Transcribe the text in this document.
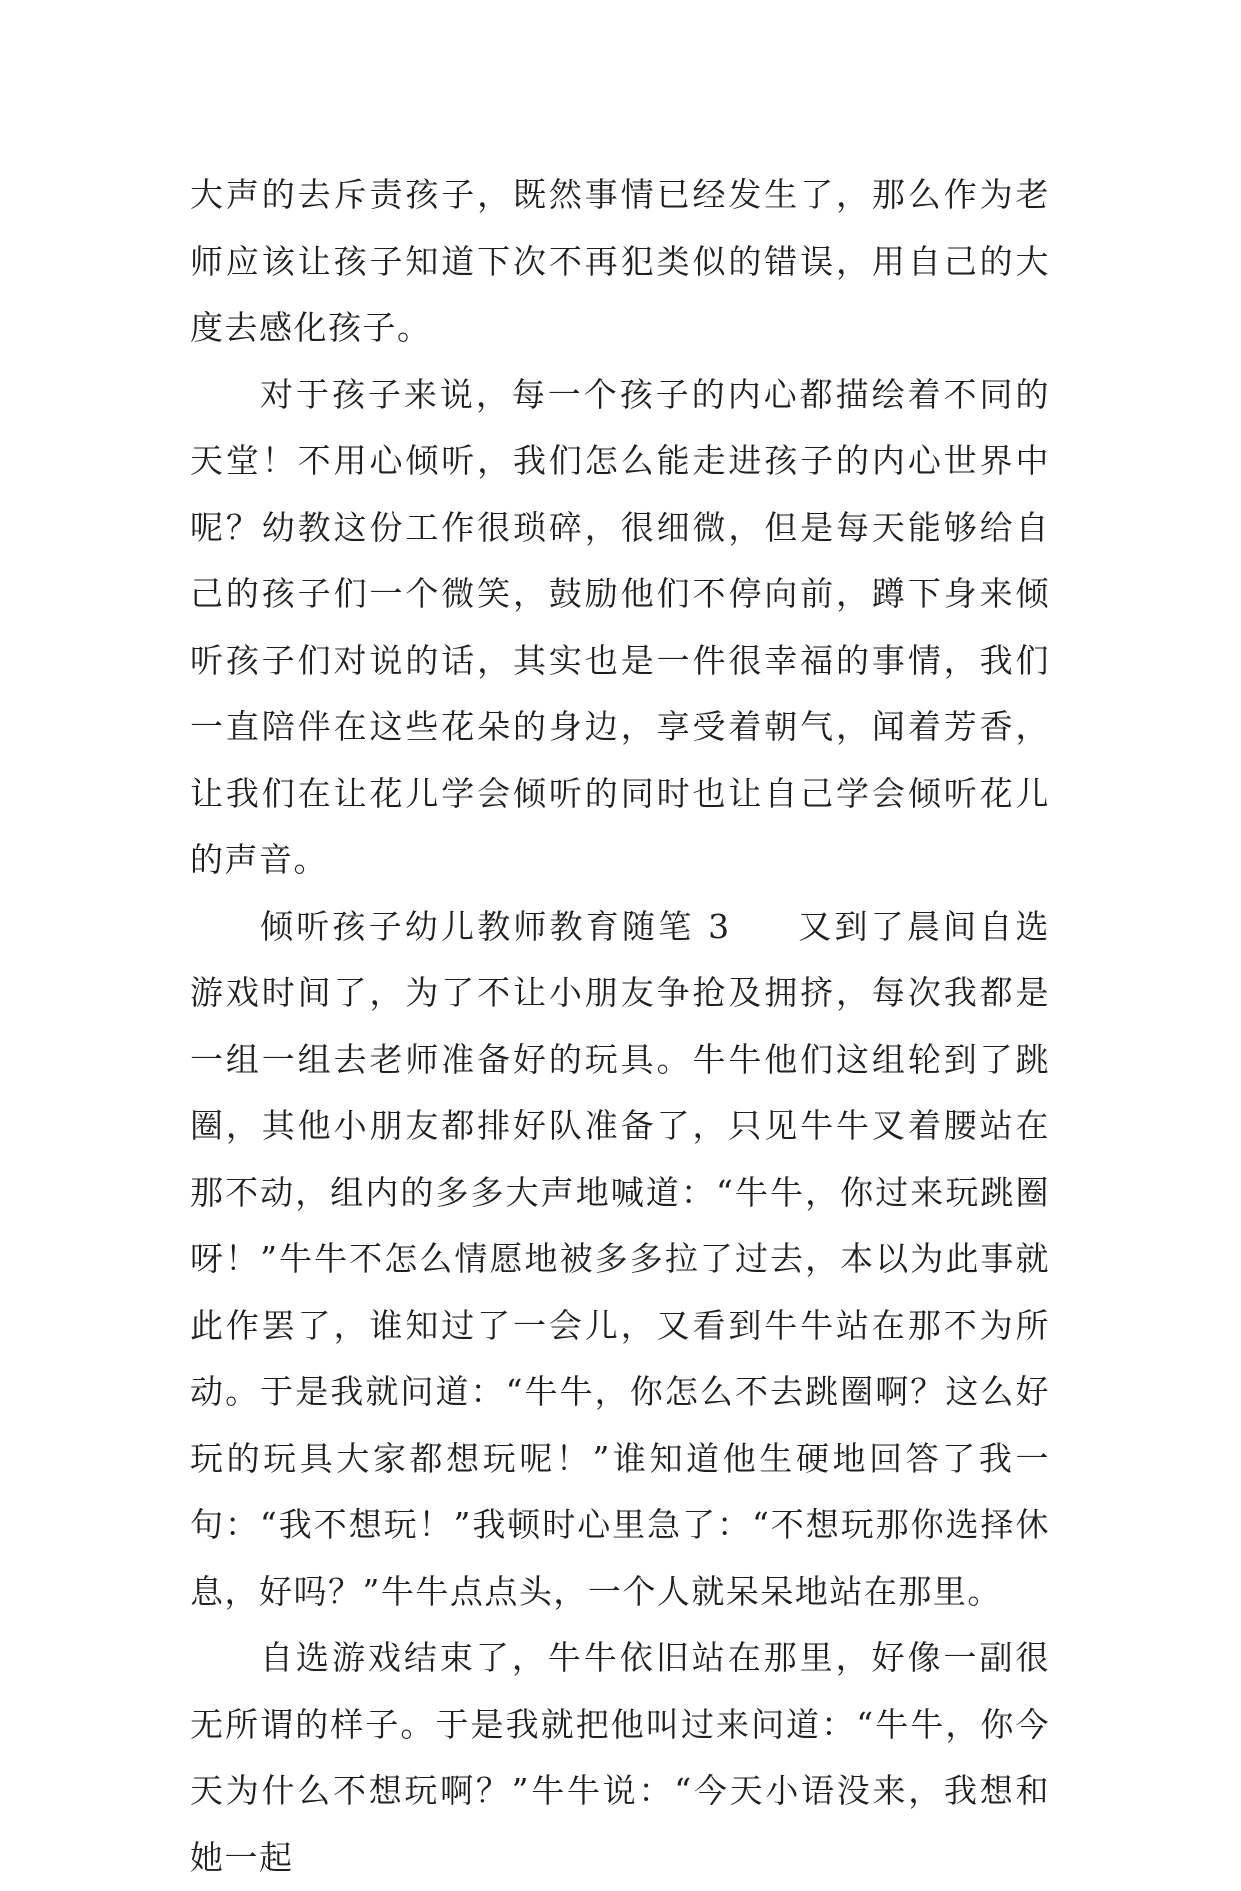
大声的去斥责孩子，既然事情已经发生了，那么作为老师应该让孩子知道下次不再犯类似的错误，用自己的大度去感化孩子。

对于孩子来说，每一个孩子的内心都描绘着不同的天堂！不用心倾听，我们怎么能走进孩子的内心世界中呢？幼教这份工作很琐碎，很细微，但是每天能够给自己的孩子们一个微笑，鼓励他们不停向前，蹲下身来倾听孩子们对说的话，其实也是一件很幸福的事情，我们一直陪伴在这些花朵的身边，享受着朝气，闻着芳香，让我们在让花儿学会倾听的同时也让自己学会倾听花儿的声音。

倾听孩子幼儿教师教育随笔 3 又到了晨间自选游戏时间了，为了不让小朋友争抢及拥挤，每次我都是一组一组去老师准备好的玩具。牛牛他们这组轮到了跳圈，其他小朋友都排好队准备了，只见牛牛叉着腰站在那不动，组内的多多大声地喊道：“牛牛，你过来玩跳圈呀！”牛牛不怎么情愿地被多多拉了过去，本以为此事就此作罢了，谁知过了一会儿，又看到牛牛站在那不为所动。于是我就问道：“牛牛，你怎么不去跳圈啊？这么好玩的玩具大家都想玩呢！”谁知道他生硬地回答了我一句：“我不想玩！”我顿时心里急了：“不想玩那你选择休息，好吗？”牛牛点点头，一个人就呆呆地站在那里。

自选游戏结束了，牛牛依旧站在那里，好像一副很无所谓的样子。于是我就把他叫过来问道：“牛牛，你今天为什么不想玩啊？”牛牛说：“今天小语没来，我想和她一起
